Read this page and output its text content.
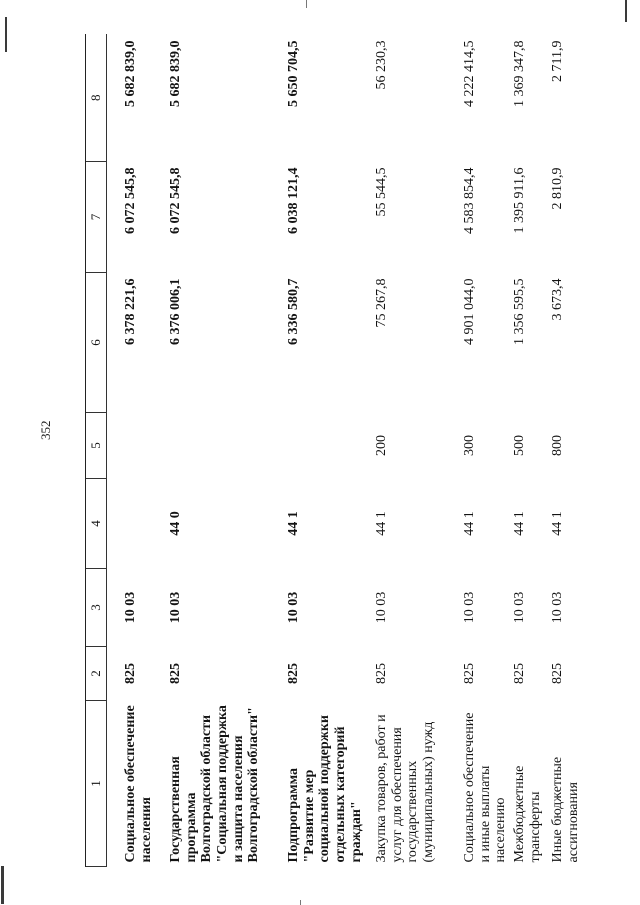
352
1	2	3	4	5	6	7	8
Социальное обеспечение населения	825	10 03			6 378 221,6	6 072 545,8	5 682 839,0
Государственная программа Волгоградской области "Социальная поддержка и защита населения Волгоградской области"	825	10 03	44 0		6 376 006,1	6 072 545,8	5 682 839,0
Подпрограмма "Развитие мер социальной поддержки отдельных категорий граждан"	825	10 03	44 1		6 336 580,7	6 038 121,4	5 650 704,5
Закупка товаров, работ и услуг для обеспечения государственных (муниципальных) нужд	825	10 03	44 1	200	75 267,8	55 544,5	56 230,3
Социальное обеспечение и иные выплаты населению	825	10 03	44 1	300	4 901 044,0	4 583 854,4	4 222 414,5
Межбюджетные трансферты	825	10 03	44 1	500	1 356 595,5	1 395 911,6	1 369 347,8
Иные бюджетные ассигнования	825	10 03	44 1	800	3 673,4	2 810,9	2 711,9
